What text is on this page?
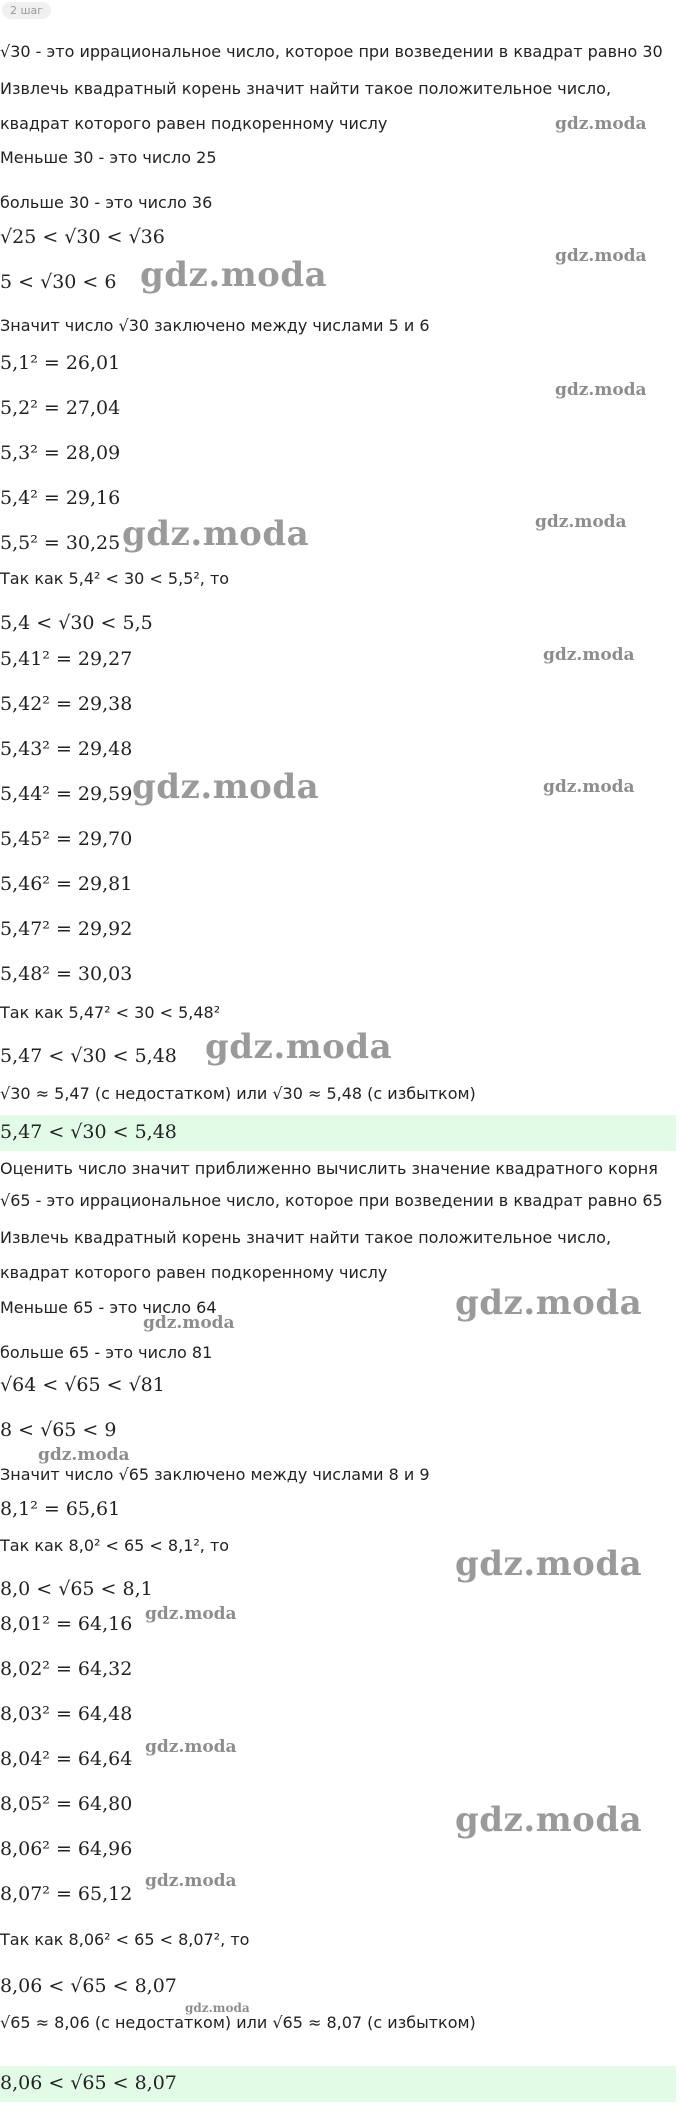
2 шаг
√30 - это иррациональное число, которое при возведении в квадрат равно 30
Извлечь квадратный корень значит найти такое положительное число,
квадрат которого равен подкоренному числу
Меньше 30 - это число 25
больше 30 - это число 36
√25 < √30 < √36
5 < √30 < 6
Значит число √30 заключено между числами 5 и 6
5,1² = 26,01
5,2² = 27,04
5,3² = 28,09
5,4² = 29,16
5,5² = 30,25
Так как 5,4² < 30 < 5,5², то
5,4 < √30 < 5,5
5,41² = 29,27
5,42² = 29,38
5,43² = 29,48
5,44² = 29,59
5,45² = 29,70
5,46² = 29,81
5,47² = 29,92
5,48² = 30,03
Так как 5,47² < 30 < 5,48²
5,47 < √30 < 5,48
√30 ≈ 5,47 (с недостатком) или √30 ≈ 5,48 (с избытком)
5,47 < √30 < 5,48
Оценить число значит приближенно вычислить значение квадратного корня
√65 - это иррациональное число, которое при возведении в квадрат равно 65
Извлечь квадратный корень значит найти такое положительное число,
квадрат которого равен подкоренному числу
Меньше 65 - это число 64
больше 65 - это число 81
√64 < √65 < √81
8 < √65 < 9
Значит число √65 заключено между числами 8 и 9
8,1² = 65,61
Так как 8,0² < 65 < 8,1², то
8,0 < √65 < 8,1
8,01² = 64,16
8,02² = 64,32
8,03² = 64,48
8,04² = 64,64
8,05² = 64,80
8,06² = 64,96
8,07² = 65,12
Так как 8,06² < 65 < 8,07², то
8,06 < √65 < 8,07
√65 ≈ 8,06 (с недостатком) или √65 ≈ 8,07 (с избытком)
8,06 < √65 < 8,07
gdz.moda
gdz.moda
gdz.moda
gdz.moda
gdz.moda	gdz.moda
gdz.moda
gdz.moda	gdz.moda
gdz.moda
gdz.moda
gdz.moda
gdz.moda
gdz.moda
gdz.moda
gdz.moda
gdz.moda
gdz.moda
gdz.moda
